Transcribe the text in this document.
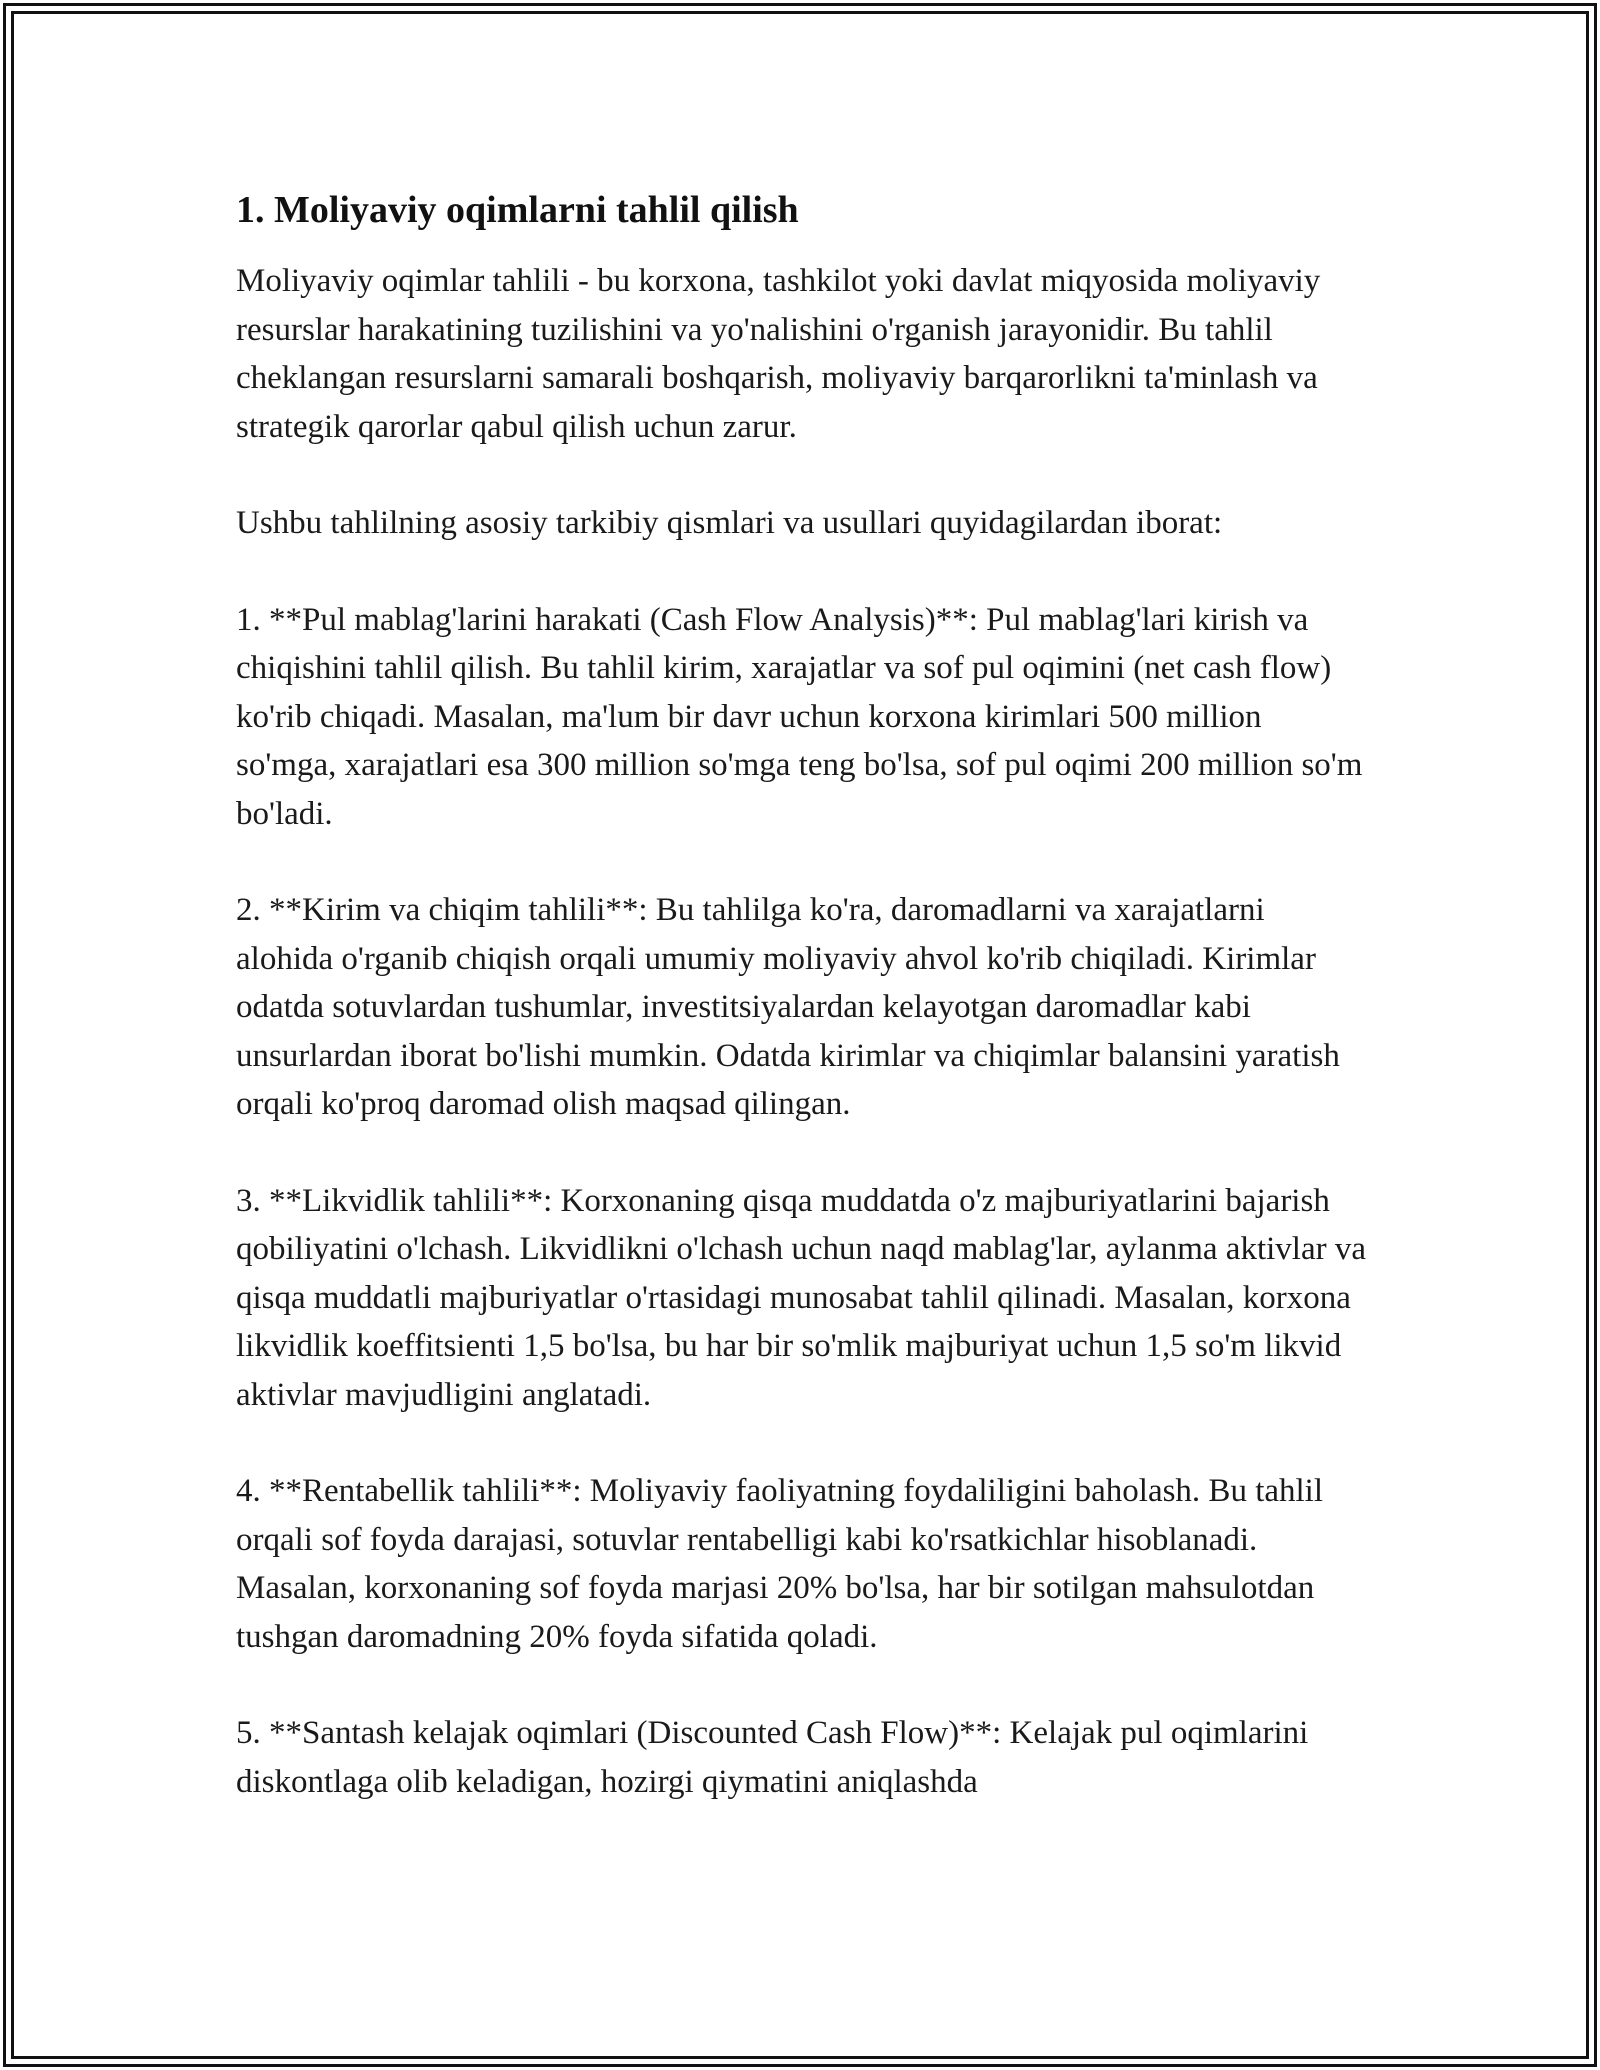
1. Moliyaviy oqimlarni tahlil qilish

Moliyaviy oqimlar tahlili - bu korxona, tashkilot yoki davlat miqyosida moliyaviy resurslar harakatining tuzilishini va yo'nalishini o'rganish jarayonidir. Bu tahlil cheklangan resurslarni samarali boshqarish, moliyaviy barqarorlikni ta'minlash va strategik qarorlar qabul qilish uchun zarur.

Ushbu tahlilning asosiy tarkibiy qismlari va usullari quyidagilardan iborat:

1. **Pul mablag'larini harakati (Cash Flow Analysis)**: Pul mablag'lari kirish va chiqishini tahlil qilish. Bu tahlil kirim, xarajatlar va sof pul oqimini (net cash flow) ko'rib chiqadi. Masalan, ma'lum bir davr uchun korxona kirimlari 500 million so'mga, xarajatlari esa 300 million so'mga teng bo'lsa, sof pul oqimi 200 million so'm bo'ladi.

2. **Kirim va chiqim tahlili**: Bu tahlilga ko'ra, daromadlarni va xarajatlarni alohida o'rganib chiqish orqali umumiy moliyaviy ahvol ko'rib chiqiladi. Kirimlar odatda sotuvlardan tushumlar, investitsiyalardan kelayotgan daromadlar kabi unsurlardan iborat bo'lishi mumkin. Odatda kirimlar va chiqimlar balansini yaratish orqali ko'proq daromad olish maqsad qilingan.

3. **Likvidlik tahlili**: Korxonaning qisqa muddatda o'z majburiyatlarini bajarish qobiliyatini o'lchash. Likvidlikni o'lchash uchun naqd mablag'lar, aylanma aktivlar va qisqa muddatli majburiyatlar o'rtasidagi munosabat tahlil qilinadi. Masalan, korxona likvidlik koeffitsienti 1,5 bo'lsa, bu har bir so'mlik majburiyat uchun 1,5 so'm likvid aktivlar mavjudligini anglatadi.

4. **Rentabellik tahlili**: Moliyaviy faoliyatning foydaliligini baholash. Bu tahlil orqali sof foyda darajasi, sotuvlar rentabelligi kabi ko'rsatkichlar hisoblanadi. Masalan, korxonaning sof foyda marjasi 20% bo'lsa, har bir sotilgan mahsulotdan tushgan daromadning 20% foyda sifatida qoladi.

5. **Santash kelajak oqimlari (Discounted Cash Flow)**: Kelajak pul oqimlarini diskontlaga olib keladigan, hozirgi qiymatini aniqlashda
